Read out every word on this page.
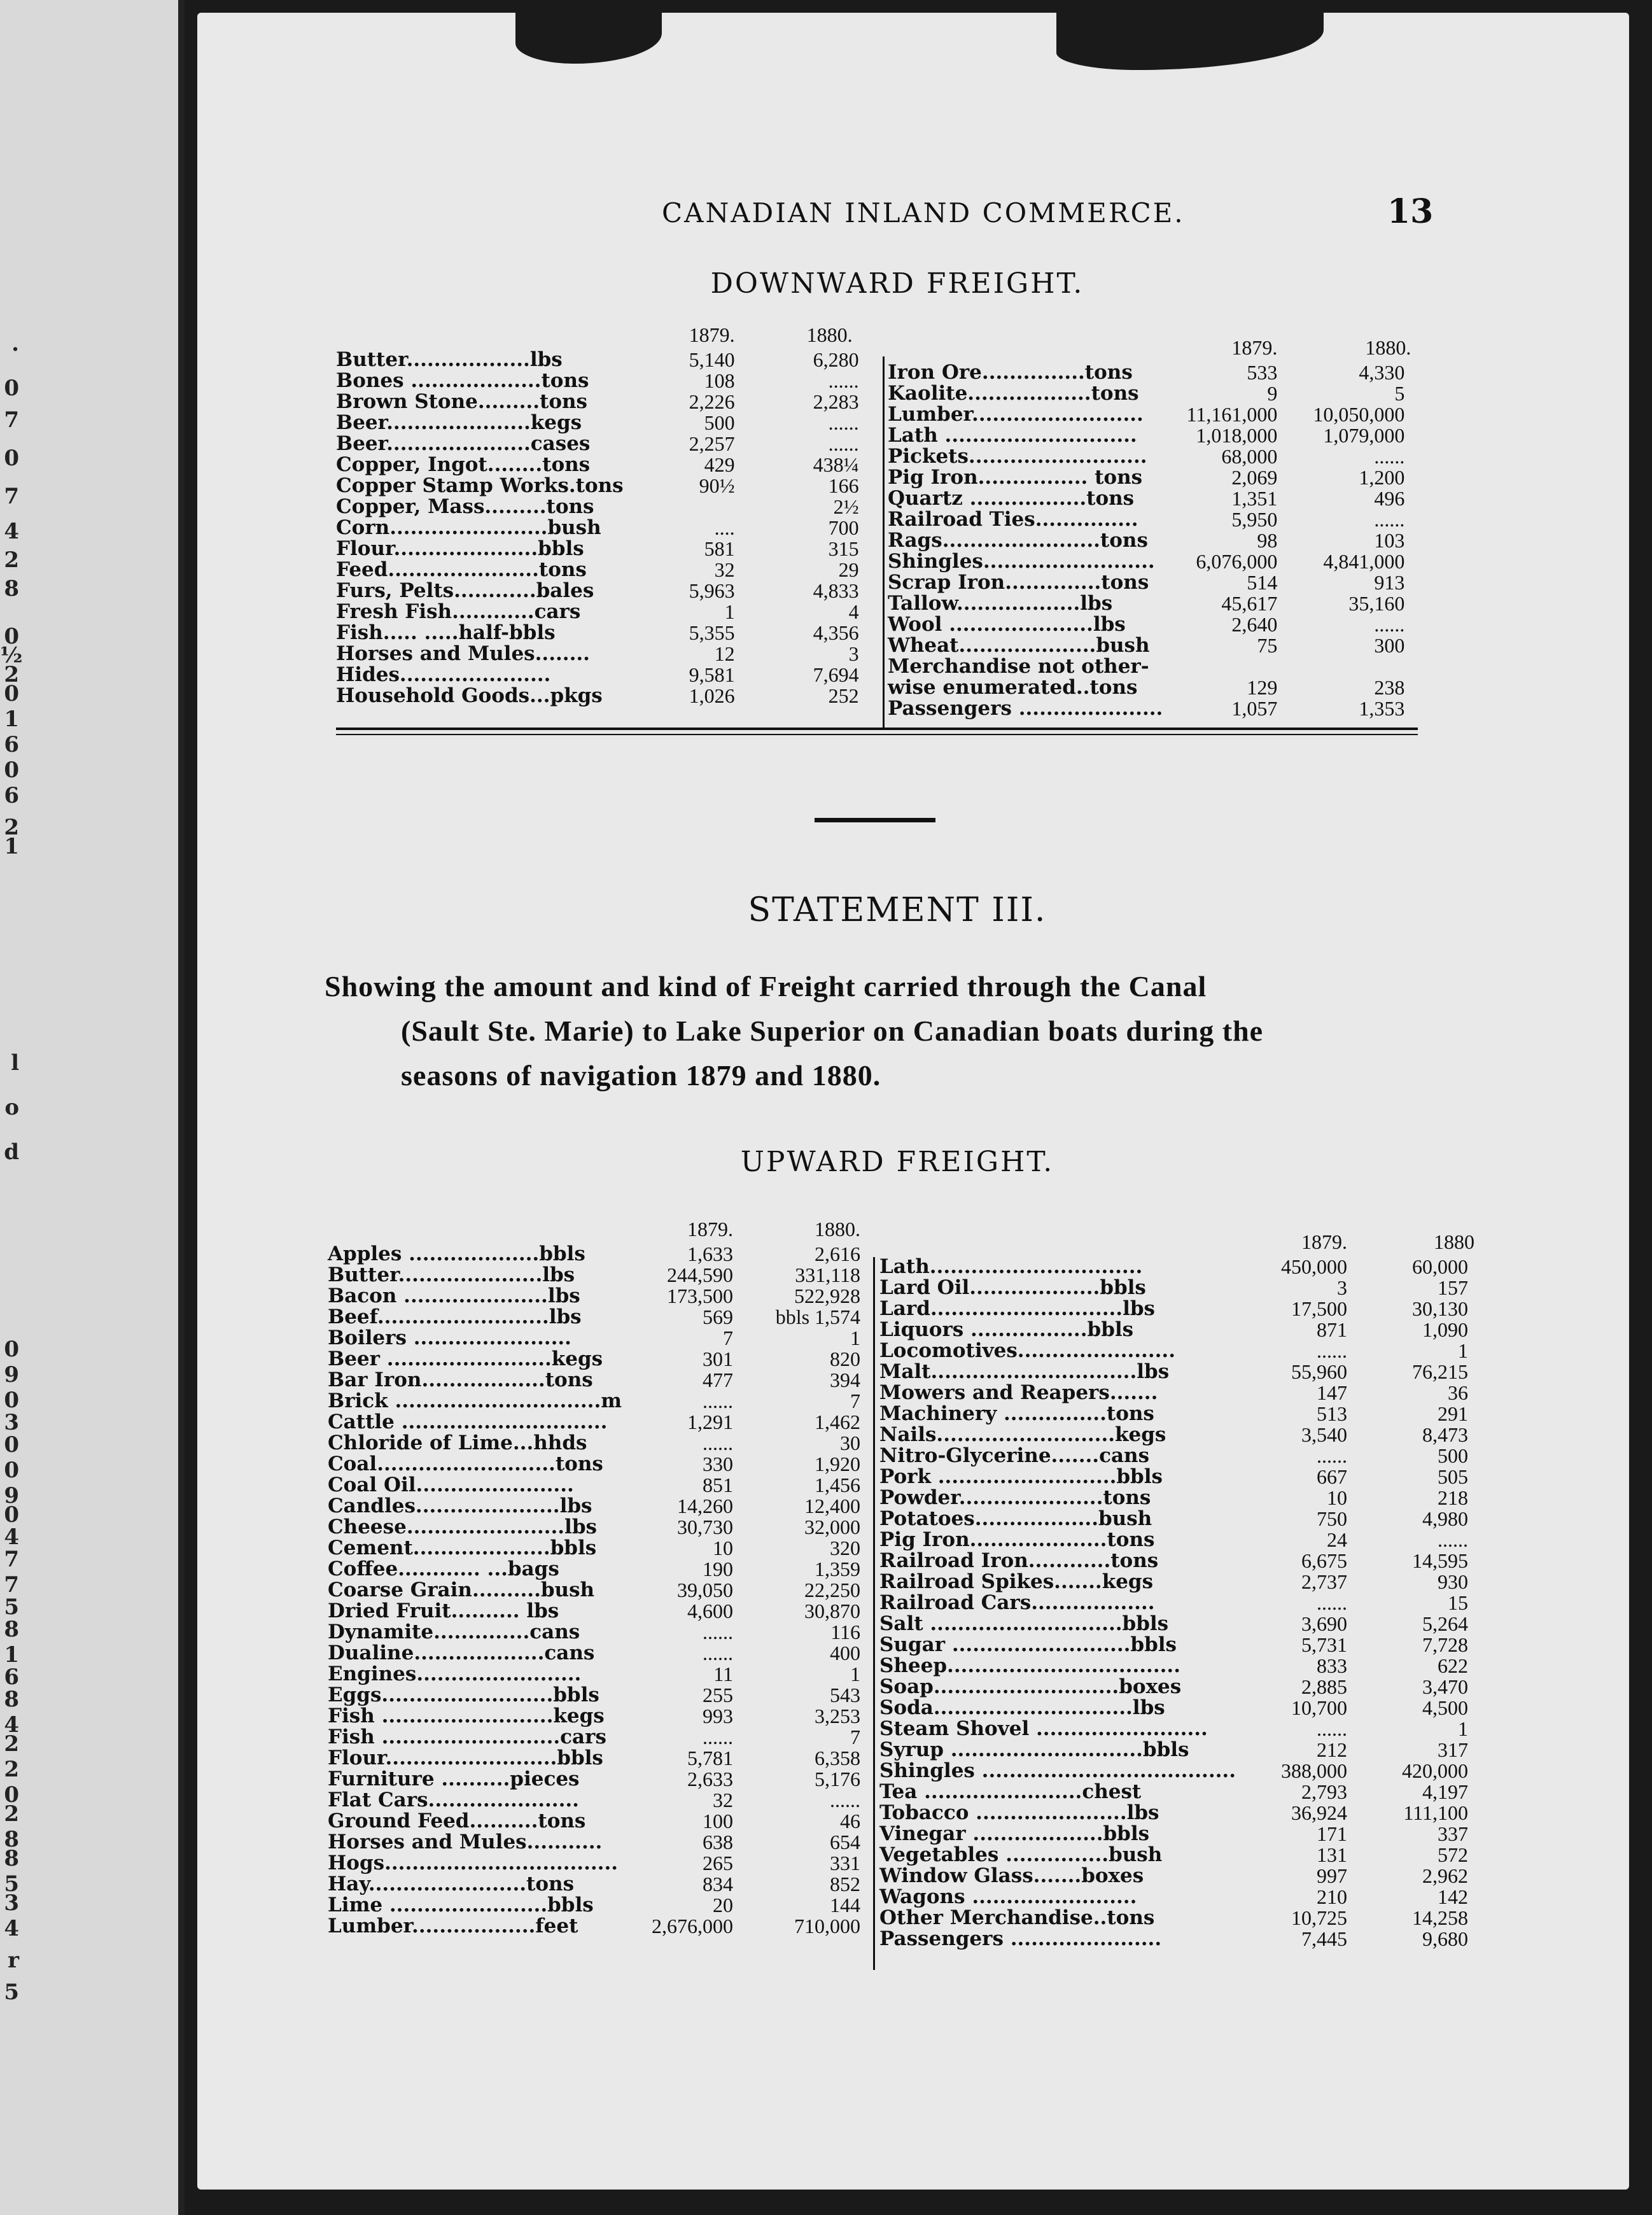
.
0
7
0
7
4
2
8
0
½
2
0
1
6
0
6
2
1
l
o
d
0
9
0
3
0
0
9
0
4
7
7
5
8
1
6
8
4
2
2
0
2
8
8
5
3
4
r
5
CANADIAN INLAND COMMERCE.	13
DOWNWARD FREIGHT.
	1879.	1880.
Butter..................lbs	5,140	6,280
Bones ...................tons	108	......
Brown Stone.........tons	2,226	2,283
Beer.....................kegs	500	......
Beer.....................cases	2,257	......
Copper, Ingot........tons	429	438¼
Copper Stamp Works.tons	90½	166
Copper, Mass.........tons		2½
Corn.......................bush	....	700
Flour.....................bbls	581	315
Feed......................tons	32	29
Furs, Pelts............bales	5,963	4,833
Fresh Fish............cars	1	4
Fish..... .....half-bbls	5,355	4,356
Horses and Mules........	12	3
Hides......................	9,581	7,694
Household Goods...pkgs	1,026	252
	1879.	1880.
Iron Ore...............tons	533	4,330
Kaolite..................tons	9	5
Lumber.........................	11,161,000	10,050,000
Lath ............................	1,018,000	1,079,000
Pickets..........................	68,000	......
Pig Iron................ tons	2,069	1,200
Quartz .................tons	1,351	496
Railroad Ties...............	5,950	......
Rags.......................tons	98	103
Shingles.........................	6,076,000	4,841,000
Scrap Iron..............tons	514	913
Tallow..................lbs	45,617	35,160
Wool .....................lbs	2,640	......
Wheat....................bush	75	300
Merchandise not other-		
wise enumerated..tons	129	238
Passengers .....................	1,057	1,353
STATEMENT III.
Showing the amount and kind of Freight carried through the Canal
(Sault Ste. Marie) to Lake Superior on Canadian boats during the
seasons of navigation 1879 and 1880.
UPWARD FREIGHT.
	1879.	1880.
Apples ...................bbls	1,633	2,616
Butter.....................lbs	244,590	331,118
Bacon .....................lbs	173,500	522,928
Beef.........................lbs	569	bbls 1,574
Boilers .......................	7	1
Beer ........................kegs	301	820
Bar Iron..................tons	477	394
Brick ..............................m	......	7
Cattle ..............................	1,291	1,462
Chloride of Lime...hhds	......	30
Coal..........................tons	330	1,920
Coal Oil.......................	851	1,456
Candles.....................lbs	14,260	12,400
Cheese.......................lbs	30,730	32,000
Cement....................bbls	10	320
Coffee............ ...bags	190	1,359
Coarse Grain..........bush	39,050	22,250
Dried Fruit.......... lbs	4,600	30,870
Dynamite..............cans	......	116
Dualine...................cans	......	400
Engines........................	11	1
Eggs.........................bbls	255	543
Fish .........................kegs	993	3,253
Fish ..........................cars	......	7
Flour.........................bbls	5,781	6,358
Furniture ..........pieces	2,633	5,176
Flat Cars......................	32	......
Ground Feed..........tons	100	46
Horses and Mules...........	638	654
Hogs..................................	265	331
Hay.......................tons	834	852
Lime .......................bbls	20	144
Lumber..................feet	2,676,000	710,000
	1879.	1880
Lath...............................	450,000	60,000
Lard Oil...................bbls	3	157
Lard............................lbs	17,500	30,130
Liquors .................bbls	871	1,090
Locomotives.......................	......	1
Malt..............................lbs	55,960	76,215
Mowers and Reapers.......	147	36
Machinery ...............tons	513	291
Nails..........................kegs	3,540	8,473
Nitro-Glycerine.......cans	......	500
Pork ..........................bbls	667	505
Powder.....................tons	10	218
Potatoes..................bush	750	4,980
Pig Iron....................tons	24	......
Railroad Iron............tons	6,675	14,595
Railroad Spikes.......kegs	2,737	930
Railroad Cars..................	......	15
Salt ............................bbls	3,690	5,264
Sugar ..........................bbls	5,731	7,728
Sheep..................................	833	622
Soap...........................boxes	2,885	3,470
Soda.............................lbs	10,700	4,500
Steam Shovel .........................	......	1
Syrup ............................bbls	212	317
Shingles .....................................	388,000	420,000
Tea .......................chest	2,793	4,197
Tobacco ......................lbs	36,924	111,100
Vinegar ...................bbls	171	337
Vegetables ...............bush	131	572
Window Glass.......boxes	997	2,962
Wagons ........................	210	142
Other Merchandise..tons	10,725	14,258
Passengers ......................	7,445	9,680
